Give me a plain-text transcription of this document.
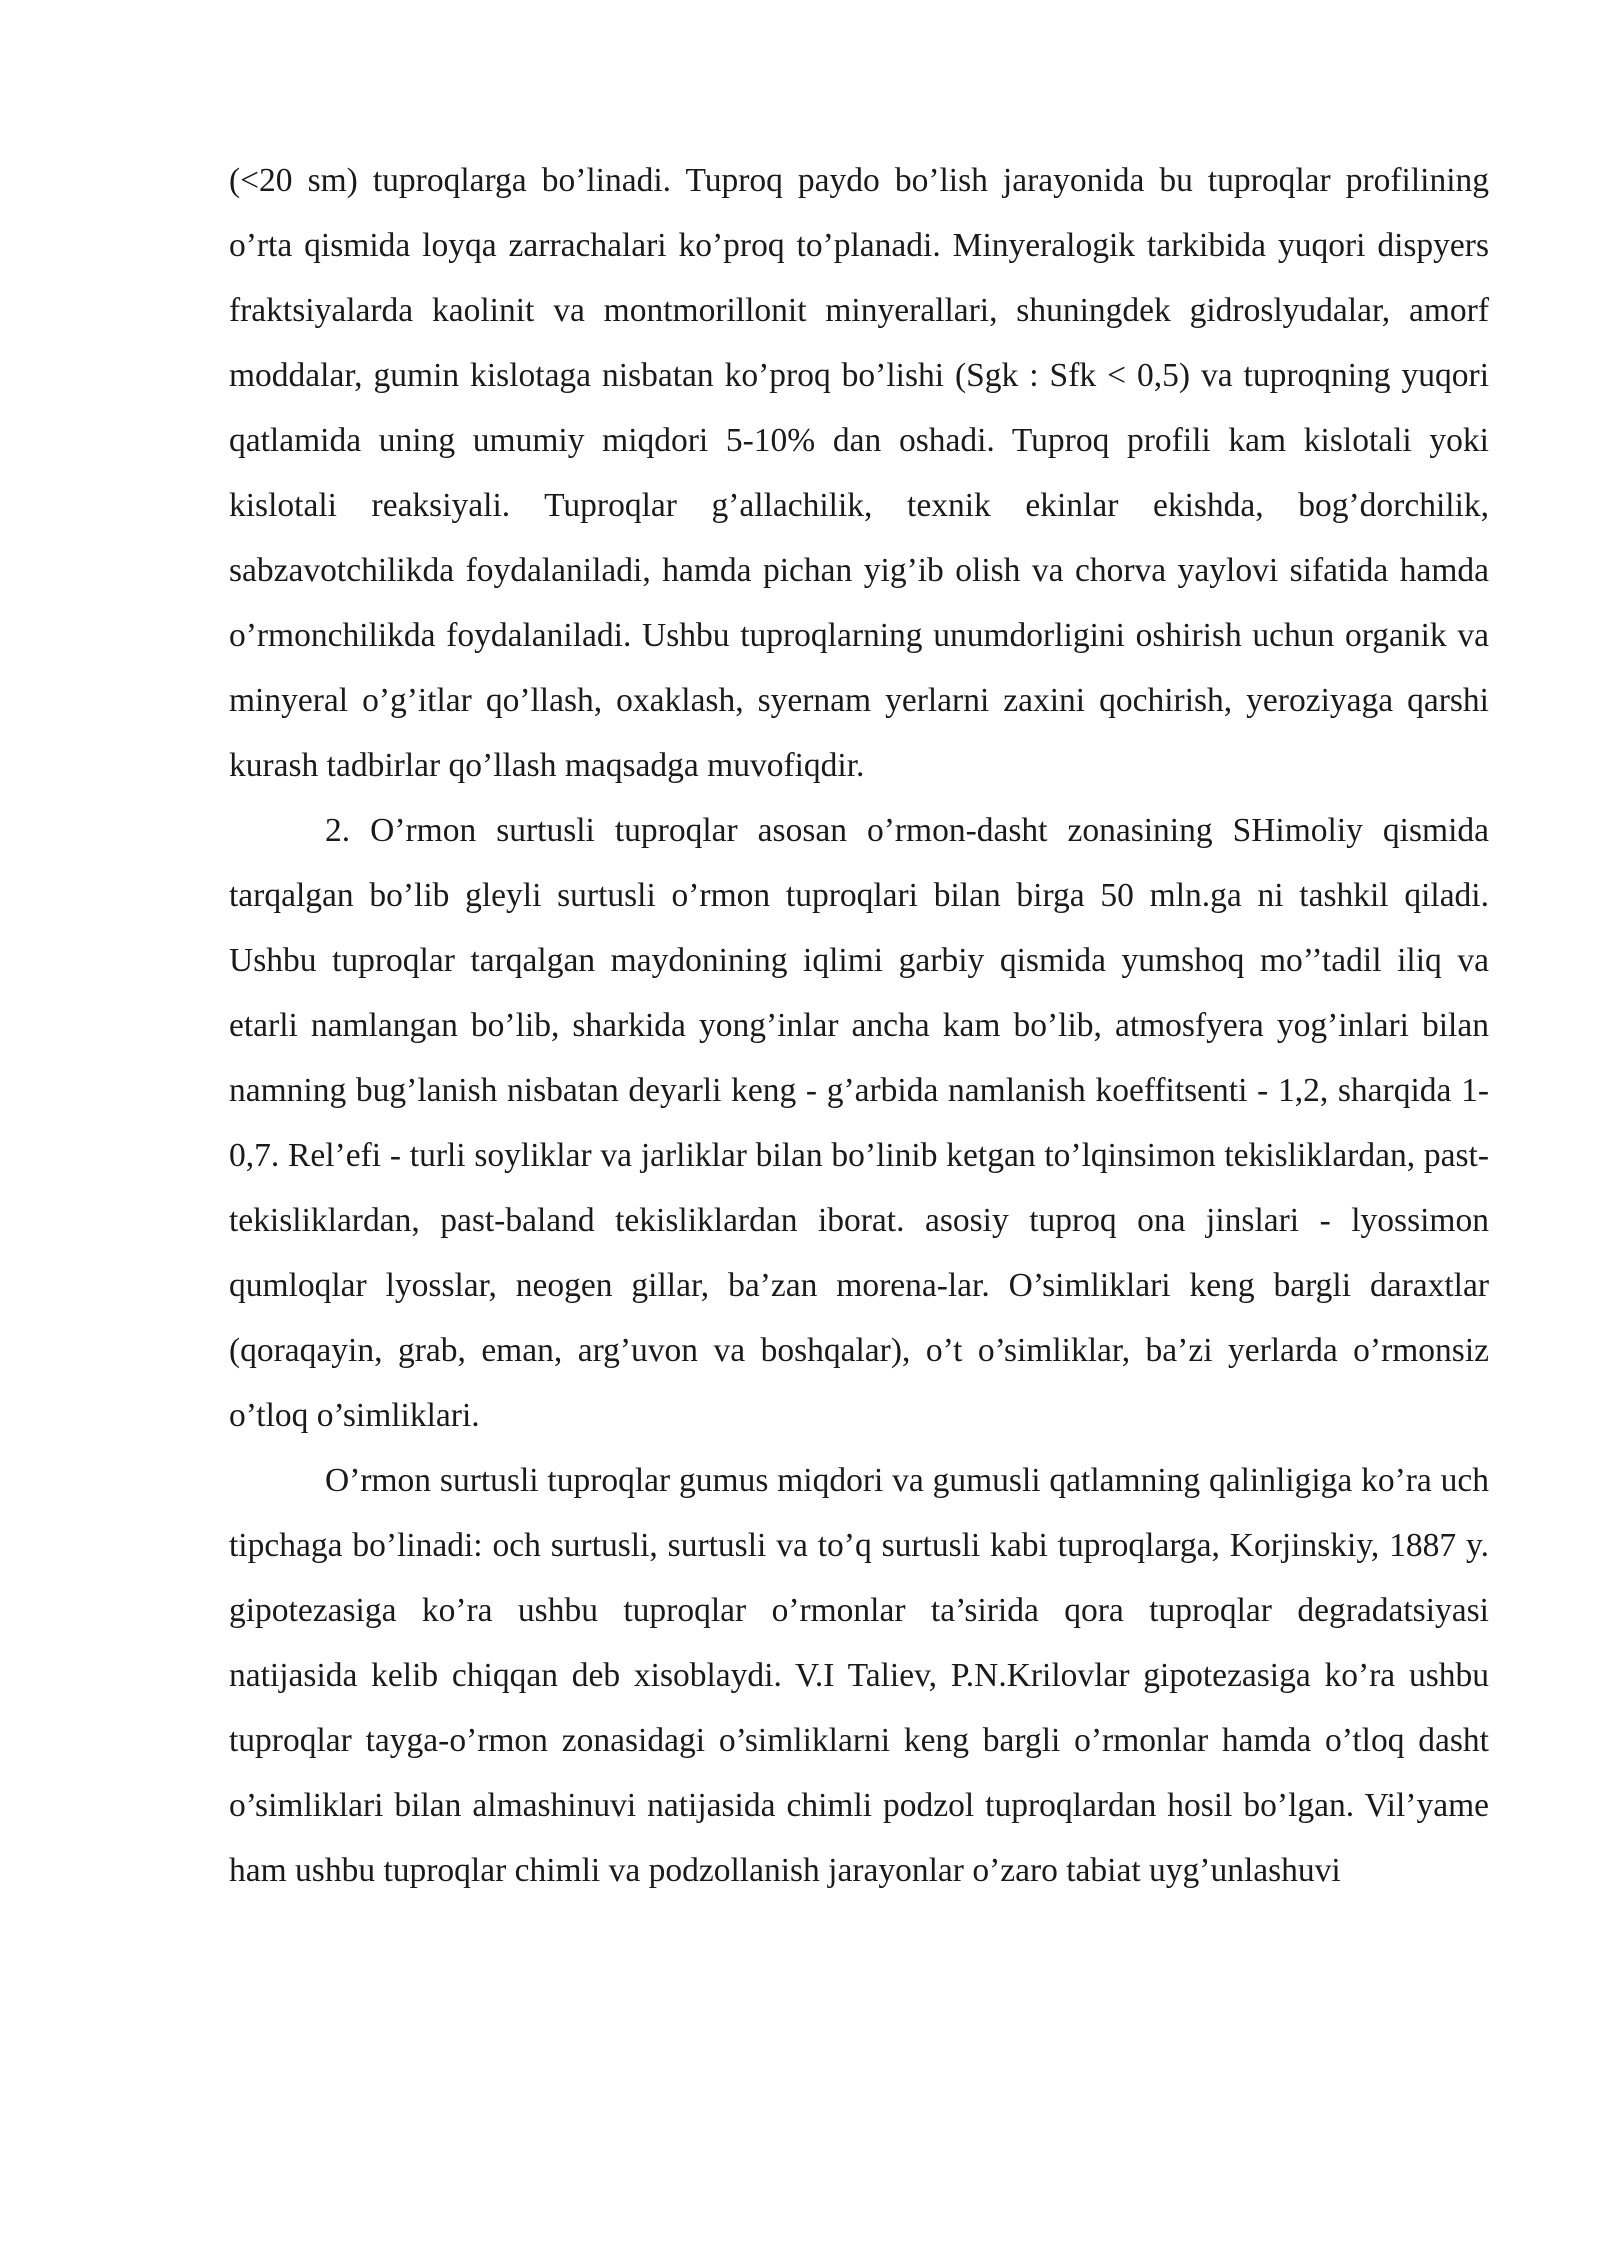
(<20 sm) tuproqlarga bo’linadi. Tuproq paydo bo’lish jarayonida bu tuproqlar profilining o’rta qismida loyqa zarrachalari ko’proq to’planadi. Minyeralogik tarkibida yuqori dispyers fraktsiyalarda kaolinit va montmorillonit minyerallari, shuningdek gidroslyudalar, amorf moddalar, gumin kislotaga nisbatan ko’proq bo’lishi (Sgk : Sfk < 0,5) va tuproqning yuqori qatlamida uning umumiy miqdori 5-10% dan oshadi. Tuproq profili kam kislotali yoki kislotali reaksiyali. Tuproqlar g’allachilik, texnik ekinlar ekishda, bog’dorchilik, sabzavotchilikda foydalaniladi, hamda pichan yig’ib olish va chorva yaylovi sifatida hamda o’rmonchilikda foydalaniladi. Ushbu tuproqlarning unumdorligini oshirish uchun organik va minyeral o’g’itlar qo’llash, oxaklash, syernam yerlarni zaxini qochirish, yeroziyaga qarshi kurash tadbirlar qo’llash maqsadga muvofiqdir.

2. O’rmon surtusli tuproqlar asosan o’rmon-dasht zonasining SHimoliy qismida tarqalgan bo’lib gleyli surtusli o’rmon tuproqlari bilan birga 50 mln.ga ni tashkil qiladi. Ushbu tuproqlar tarqalgan maydonining iqlimi garbiy qismida yumshoq mo’’tadil iliq va etarli namlangan bo’lib, sharkida yong’inlar ancha kam bo’lib, atmosfyera yog’inlari bilan namning bug’lanish nisbatan deyarli keng - g’arbida namlanish koeffitsenti - 1,2, sharqida 1-0,7. Rel’efi - turli soyliklar va jarliklar bilan bo’linib ketgan to’lqinsimon tekisliklardan, past-tekisliklardan, past-baland tekisliklardan iborat. asosiy tuproq ona jinslari - lyossimon qumloqlar lyosslar, neogen gillar, ba’zan morena-lar. O’simliklari keng bargli daraxtlar (qoraqayin, grab, eman, arg’uvon va boshqalar), o’t o’simliklar, ba’zi yerlarda o’rmonsiz o’tloq o’simliklari.

O’rmon surtusli tuproqlar gumus miqdori va gumusli qatlamning qalinligiga ko’ra uch tipchaga bo’linadi: och surtusli, surtusli va to’q surtusli kabi tuproqlarga, Korjinskiy, 1887 y. gipotezasiga ko’ra ushbu tuproqlar o’rmonlar ta’sirida qora tuproqlar degradatsiyasi natijasida kelib chiqqan deb xisoblaydi. V.I Taliev, P.N.Krilovlar gipotezasiga ko’ra ushbu tuproqlar tayga-o’rmon zonasidagi o’simliklarni keng bargli o’rmonlar hamda o’tloq dasht o’simliklari bilan almashinuvi natijasida chimli podzol tuproqlardan hosil bo’lgan. Vil’yame ham ushbu tuproqlar chimli va podzollanish jarayonlar o’zaro tabiat uyg’unlashuvi
